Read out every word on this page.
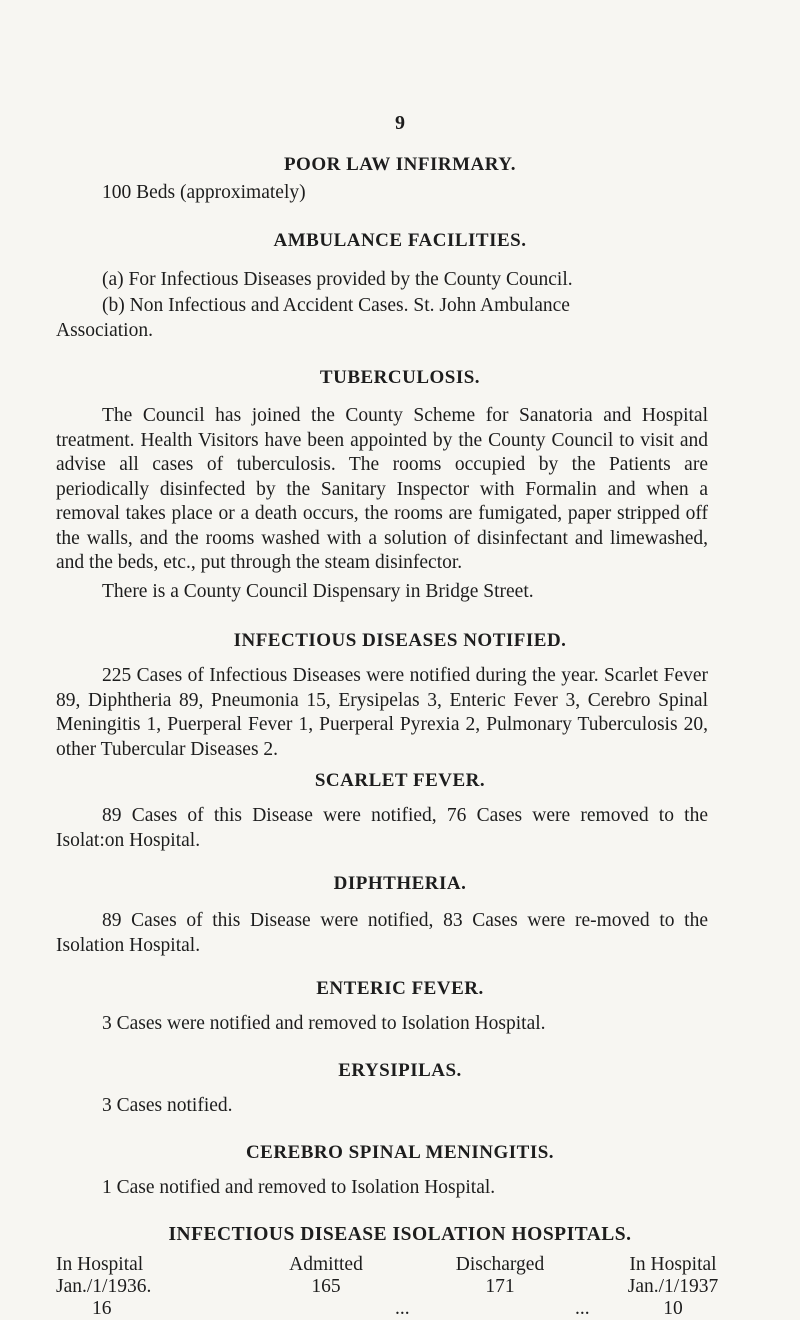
9
POOR LAW INFIRMARY.
100 Beds (approximately)
AMBULANCE FACILITIES.
(a) For Infectious Diseases provided by the County Council.
(b) Non Infectious and Accident Cases. St. John Ambulance
Association.
TUBERCULOSIS.
The Council has joined the County Scheme for Sanatoria and Hospital treatment. Health Visitors have been appointed by the County Council to visit and advise all cases of tuberculosis. The rooms occupied by the Patients are periodically disinfected by the Sanitary Inspector with Formalin and when a removal takes place or a death occurs, the rooms are fumigated, paper stripped off the walls, and the rooms washed with a solution of disinfectant and limewashed, and the beds, etc., put through the steam disinfector.
There is a County Council Dispensary in Bridge Street.
INFECTIOUS DISEASES NOTIFIED.
225 Cases of Infectious Diseases were notified during the year. Scarlet Fever 89, Diphtheria 89, Pneumonia 15, Erysipelas 3, Enteric Fever 3, Cerebro Spinal Meningitis 1, Puerperal Fever 1, Puerperal Pyrexia 2, Pulmonary Tuberculosis 20, other Tubercular Diseases 2.
SCARLET FEVER.
89 Cases of this Disease were notified, 76 Cases were removed to the Isolat:on Hospital.
DIPHTHERIA.
89 Cases of this Disease were notified, 83 Cases were re-moved to the Isolation Hospital.
ENTERIC FEVER.
3 Cases were notified and removed to Isolation Hospital.
ERYSIPILAS.
3 Cases notified.
CEREBRO SPINAL MENINGITIS.
1 Case notified and removed to Isolation Hospital.
INFECTIOUS DISEASE ISOLATION HOSPITALS.
In Hospital
Jan./1/1936.
16
Admitted
165
...
Discharged
171
...
In Hospital
Jan./1/1937
10
